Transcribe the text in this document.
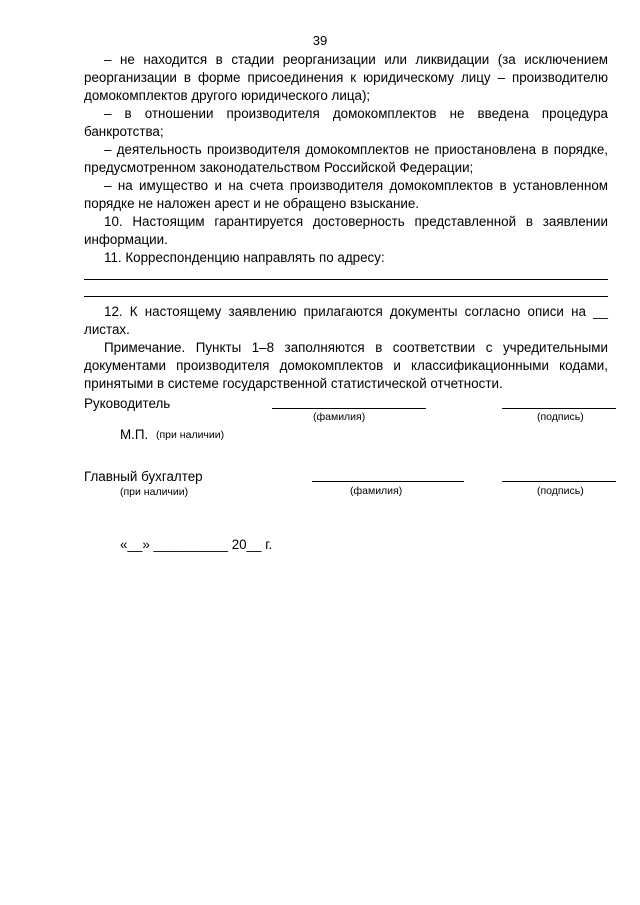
39

– не находится в стадии реорганизации или ликвидации (за исключением реорганизации в форме присоединения к юридическому лицу – производителю домокомплектов другого юридического лица);

– в отношении производителя домокомплектов не введена процедура банкротства;

– деятельность производителя домокомплектов не приостановлена в порядке, предусмотренном законодательством Российской Федерации;

– на имущество и на счета производителя домокомплектов в установленном порядке не наложен арест и не обращено взыскание.

10. Настоящим гарантируется достоверность представленной в заявлении информации.

11. Корреспонденцию направлять по адресу:

12. К настоящему заявлению прилагаются документы согласно описи на __ листах.

Примечание. Пункты 1–8 заполняются в соответствии с учредительными документами производителя домокомплектов и классификационными кодами, принятыми в системе государственной статистической отчетности.

Руководитель
(фамилия)	(подпись)
М.П. (при наличии)
Главный бухгалтер
(при наличии)	(фамилия)	(подпись)
«__» __________ 20__ г.
